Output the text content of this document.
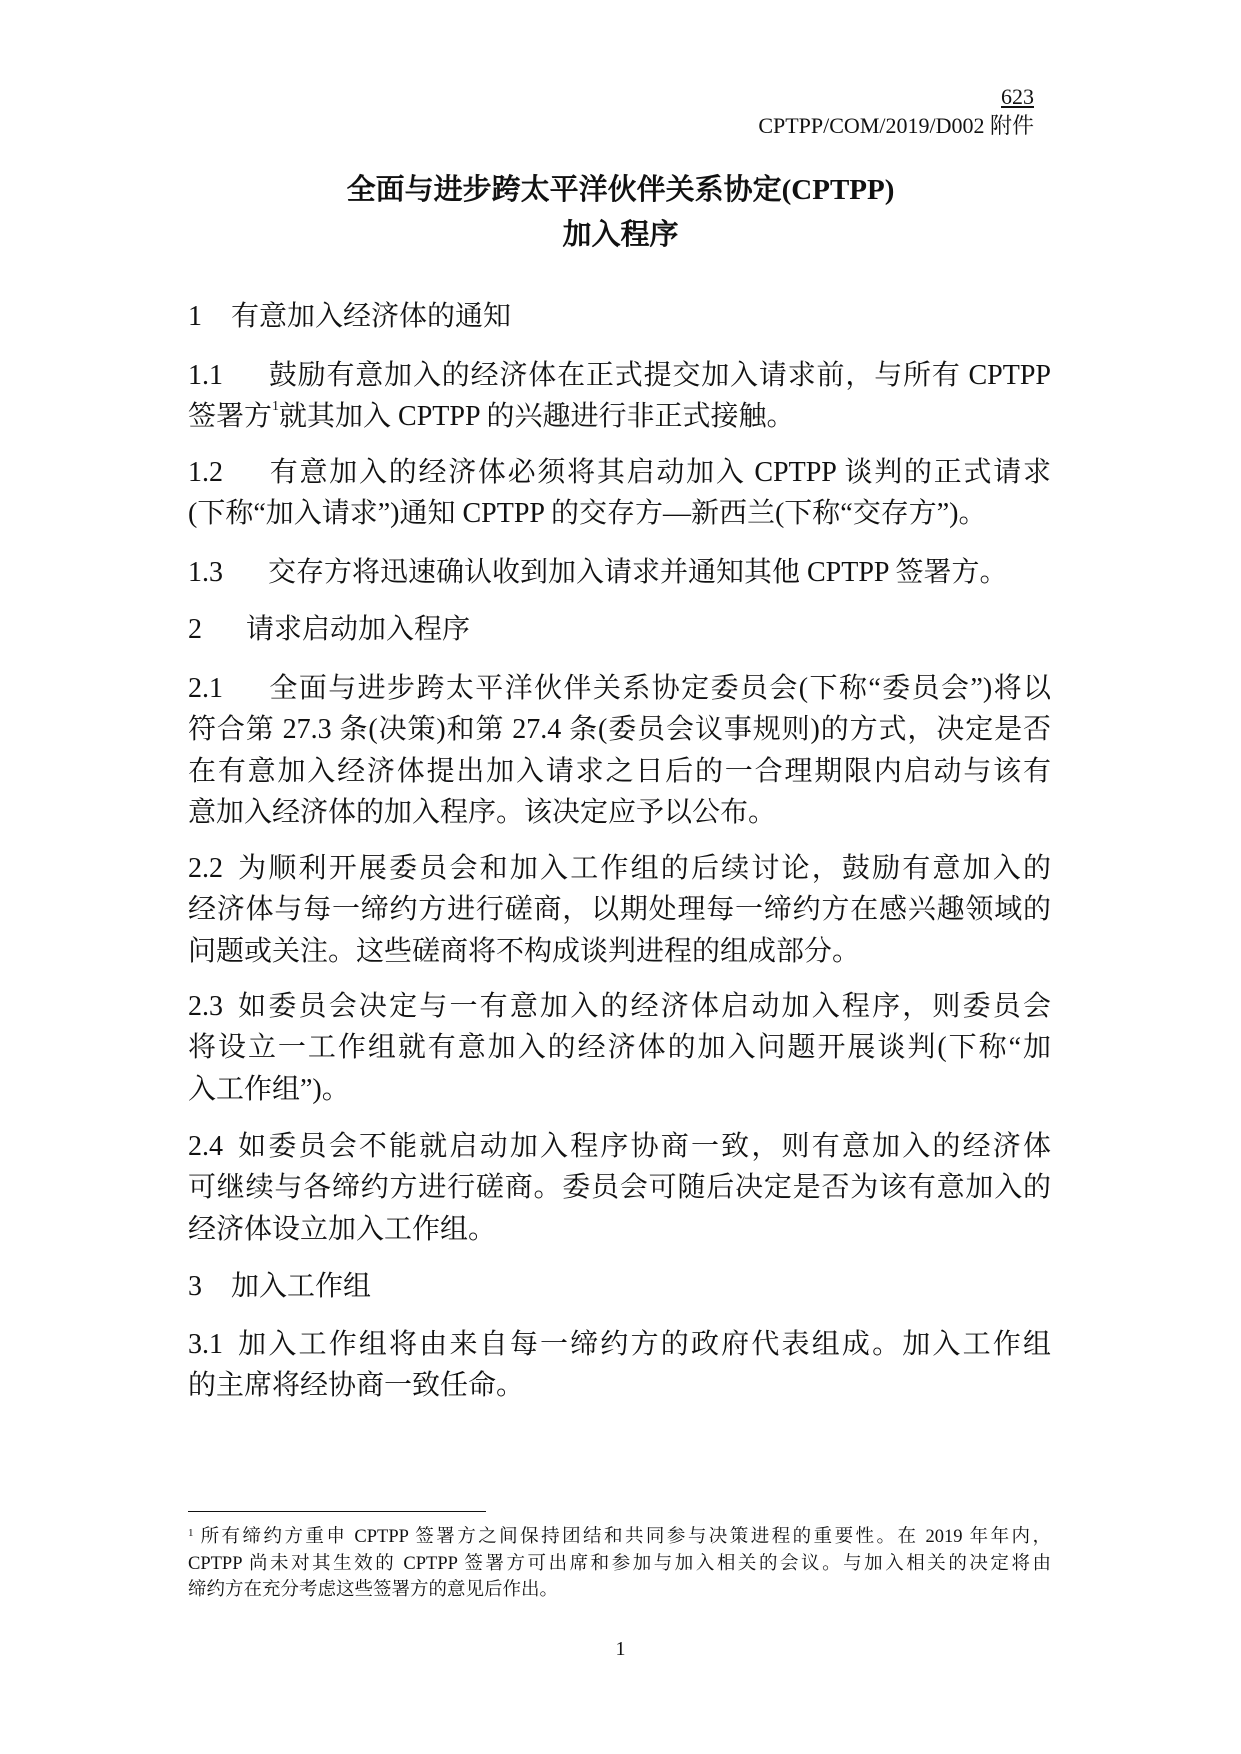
623
CPTPP/COM/2019/D002 附件
全面与进步跨太平洋伙伴关系协定(CPTPP)
加入程序
1 有意加入经济体的通知
1.1 鼓励有意加入的经济体在正式提交加入请求前，与所有 CPTPP
签署方$^1$就其加入 CPTPP 的兴趣进行非正式接触。
1.2 有意加入的经济体必须将其启动加入 CPTPP 谈判的正式请求
(下称“加入请求”)通知 CPTPP 的交存方—新西兰(下称“交存方”)。
1.3 交存方将迅速确认收到加入请求并通知其他 CPTPP 签署方。
2 请求启动加入程序
2.1 全面与进步跨太平洋伙伴关系协定委员会(下称“委员会”)将以
符合第 27.3 条(决策)和第 27.4 条(委员会议事规则)的方式，决定是否
在有意加入经济体提出加入请求之日后的一合理期限内启动与该有
意加入经济体的加入程序。该决定应予以公布。
2.2 为顺利开展委员会和加入工作组的后续讨论，鼓励有意加入的
经济体与每一缔约方进行磋商，以期处理每一缔约方在感兴趣领域的
问题或关注。这些磋商将不构成谈判进程的组成部分。
2.3 如委员会决定与一有意加入的经济体启动加入程序，则委员会
将设立一工作组就有意加入的经济体的加入问题开展谈判(下称“加
入工作组”)。
2.4 如委员会不能就启动加入程序协商一致，则有意加入的经济体
可继续与各缔约方进行磋商。委员会可随后决定是否为该有意加入的
经济体设立加入工作组。
3 加入工作组
3.1 加入工作组将由来自每一缔约方的政府代表组成。加入工作组
的主席将经协商一致任命。
$^1$ 所有缔约方重申 CPTPP 签署方之间保持团结和共同参与决策进程的重要性。在 2019 年年内，
CPTPP 尚未对其生效的 CPTPP 签署方可出席和参加与加入相关的会议。与加入相关的决定将由
缔约方在充分考虑这些签署方的意见后作出。
1
